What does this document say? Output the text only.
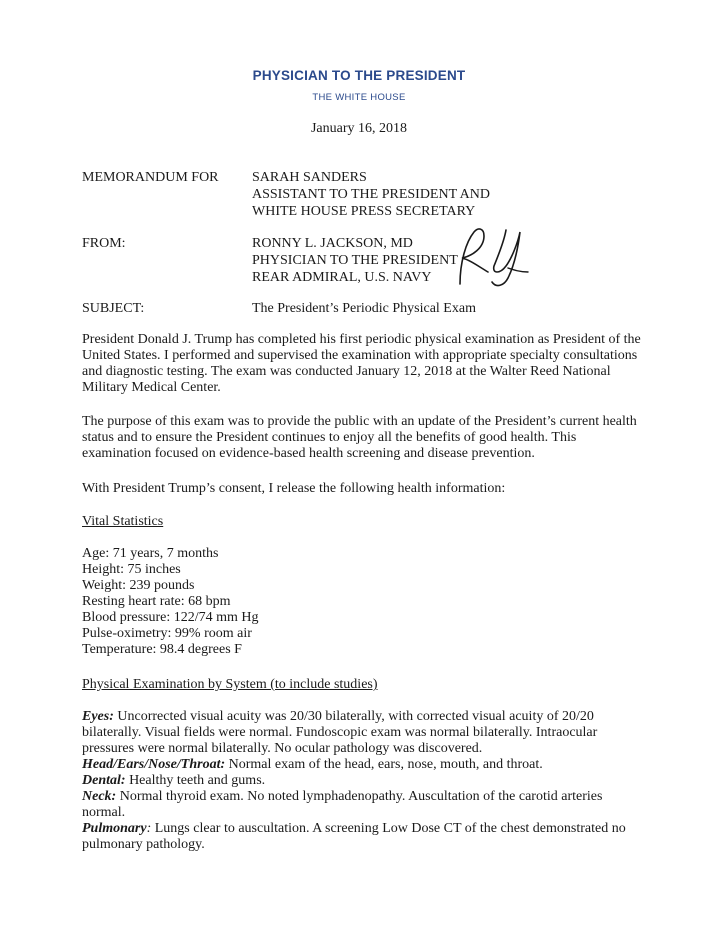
PHYSICIAN TO THE PRESIDENT
THE WHITE HOUSE
January 16, 2018
MEMORANDUM FOR SARAH SANDERS
ASSISTANT TO THE PRESIDENT AND
WHITE HOUSE PRESS SECRETARY
FROM:	RONNY L. JACKSON, MD
PHYSICIAN TO THE PRESIDENT
REAR ADMIRAL, U.S. NAVY
SUBJECT:	The President’s Periodic Physical Exam
President Donald J. Trump has completed his first periodic physical examination as President of the United States. I performed and supervised the examination with appropriate specialty consultations and diagnostic testing. The exam was conducted January 12, 2018 at the Walter Reed National Military Medical Center.
The purpose of this exam was to provide the public with an update of the President’s current health status and to ensure the President continues to enjoy all the benefits of good health. This examination focused on evidence-based health screening and disease prevention.
With President Trump’s consent, I release the following health information:
Vital Statistics
Age: 71 years, 7 months
Height: 75 inches
Weight: 239 pounds
Resting heart rate: 68 bpm
Blood pressure: 122/74 mm Hg
Pulse-oximetry: 99% room air
Temperature: 98.4 degrees F
Physical Examination by System (to include studies)
Eyes: Uncorrected visual acuity was 20/30 bilaterally, with corrected visual acuity of 20/20 bilaterally. Visual fields were normal. Fundoscopic exam was normal bilaterally. Intraocular pressures were normal bilaterally. No ocular pathology was discovered.
Head/Ears/Nose/Throat: Normal exam of the head, ears, nose, mouth, and throat.
Dental: Healthy teeth and gums.
Neck: Normal thyroid exam. No noted lymphadenopathy. Auscultation of the carotid arteries normal.
Pulmonary: Lungs clear to auscultation. A screening Low Dose CT of the chest demonstrated no pulmonary pathology.
